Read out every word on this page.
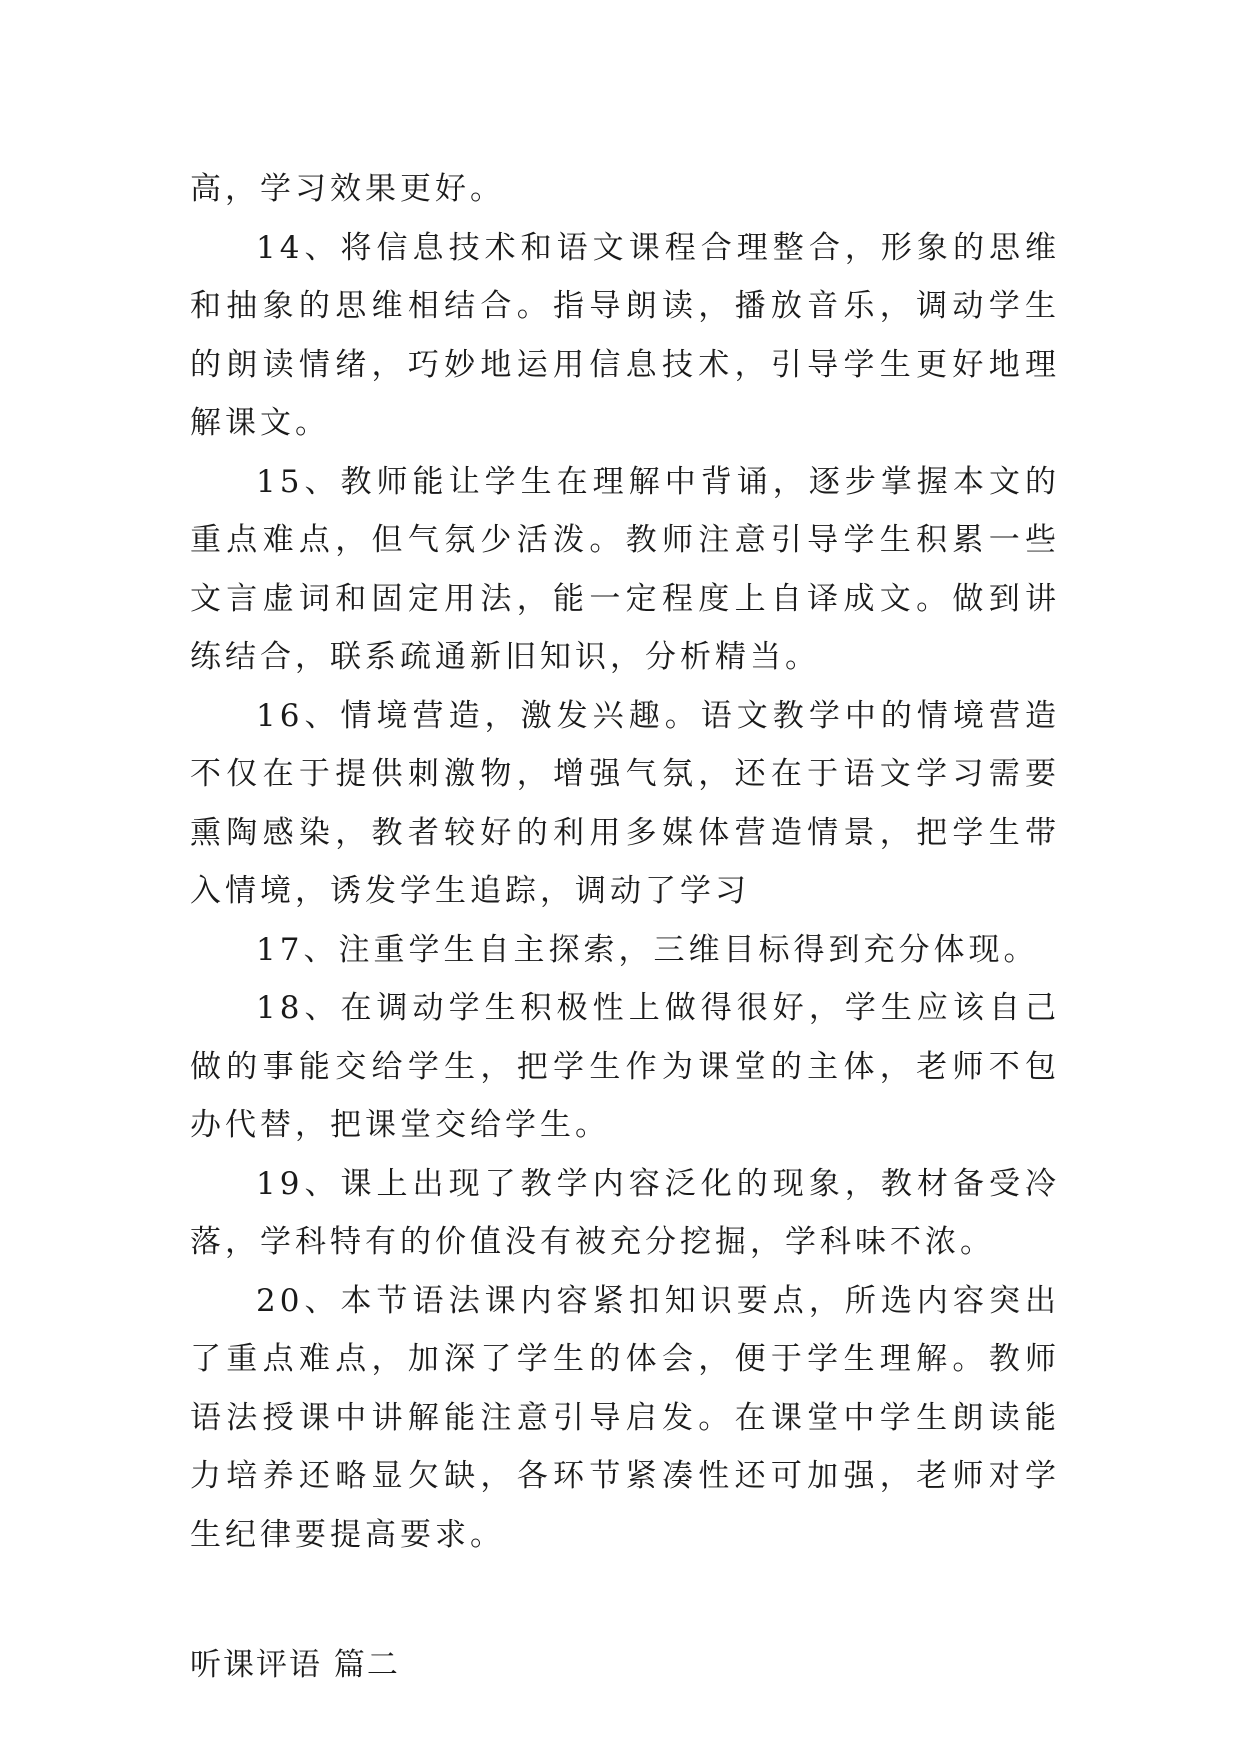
高，学习效果更好。

14、将信息技术和语文课程合理整合，形象的思维和抽象的思维相结合。指导朗读，播放音乐，调动学生的朗读情绪，巧妙地运用信息技术，引导学生更好地理解课文。

15、教师能让学生在理解中背诵，逐步掌握本文的重点难点，但气氛少活泼。教师注意引导学生积累一些文言虚词和固定用法，能一定程度上自译成文。做到讲练结合，联系疏通新旧知识，分析精当。

16、情境营造，激发兴趣。语文教学中的情境营造不仅在于提供刺激物，增强气氛，还在于语文学习需要熏陶感染，教者较好的利用多媒体营造情景，把学生带入情境，诱发学生追踪，调动了学习

17、注重学生自主探索，三维目标得到充分体现。

18、在调动学生积极性上做得很好，学生应该自己做的事能交给学生，把学生作为课堂的主体，老师不包办代替，把课堂交给学生。

19、课上出现了教学内容泛化的现象，教材备受冷落，学科特有的价值没有被充分挖掘，学科味不浓。

20、本节语法课内容紧扣知识要点，所选内容突出了重点难点，加深了学生的体会，便于学生理解。教师语法授课中讲解能注意引导启发。在课堂中学生朗读能力培养还略显欠缺，各环节紧凑性还可加强，老师对学生纪律要提高要求。

听课评语 篇二
